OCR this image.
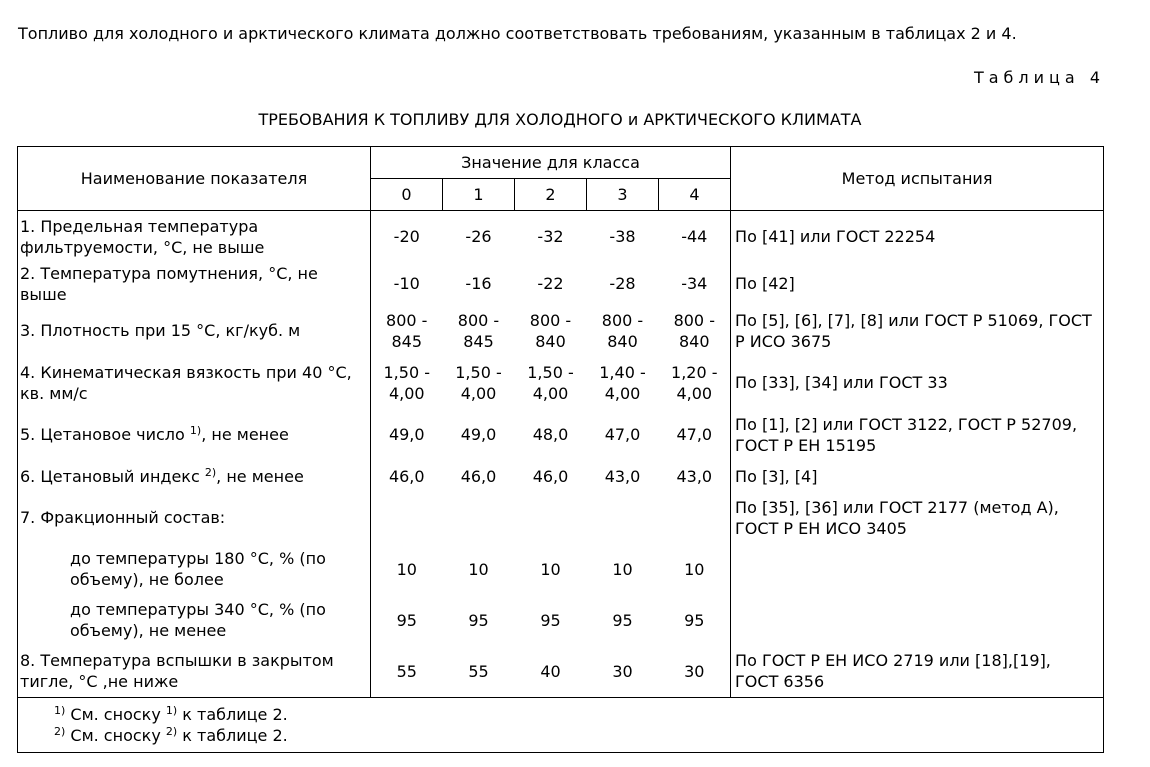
Топливо для холодного и арктического климата должно соответствовать требованиям, указанным в таблицах 2 и 4.
Таблица 4
ТРЕБОВАНИЯ К ТОПЛИВУ ДЛЯ ХОЛОДНОГО и АРКТИЧЕСКОГО КЛИМАТА
Наименование показателя	Значение для класса					Метод испытания
	0	1	2	3	4	
1. Предельная температура фильтруемости, °C, не выше	-20	-26	-32	-38	-44	По [41] или ГОСТ 22254
2. Температура помутнения, °C, не выше	-10	-16	-22	-28	-34	По [42]
3. Плотность при 15 °C, кг/куб. м	800 - 845	800 - 845	800 - 840	800 - 840	800 - 840	По [5], [6], [7], [8] или ГОСТ Р 51069, ГОСТ Р ИСО 3675
4. Кинематическая вязкость при 40 °C, кв. мм/с	1,50 - 4,00	1,50 - 4,00	1,50 - 4,00	1,40 - 4,00	1,20 - 4,00	По [33], [34] или ГОСТ 33
5. Цетановое число $^{1)}$, не менее	49,0	49,0	48,0	47,0	47,0	По [1], [2] или ГОСТ 3122, ГОСТ Р 52709, ГОСТ Р ЕН 15195
6. Цетановый индекс $^{2)}$, не менее	46,0	46,0	46,0	43,0	43,0	По [3], [4]
7. Фракционный состав:						По [35], [36] или ГОСТ 2177 (метод А), ГОСТ Р ЕН ИСО 3405
до температуры 180 °C, % (по объему), не более	10	10	10	10	10	
до температуры 340 °C, % (по объему), не менее	95	95	95	95	95	
8. Температура вспышки в закрытом тигле, °C ,не ниже	55	55	40	30	30	По ГОСТ Р ЕН ИСО 2719 или [18],[19], ГОСТ 6356

$^{1)}$ См. сноску $^{1)}$ к таблице 2.
$^{2)}$ См. сноску $^{2)}$ к таблице 2.						
